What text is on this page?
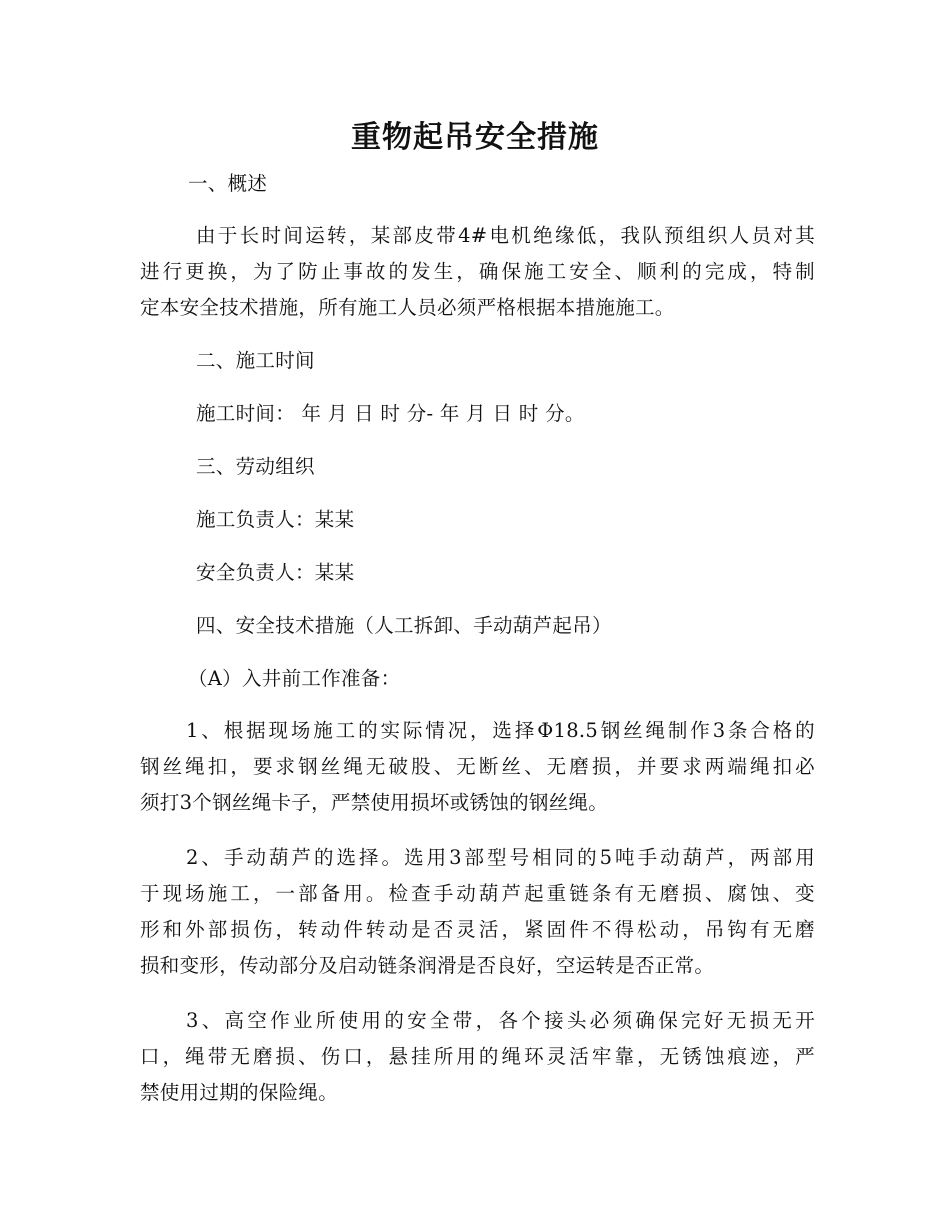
重物起吊安全措施

一、概述

由于长时间运转，某部皮带4#电机绝缘低，我队预组织人员对其

进行更换，为了防止事故的发生，确保施工安全、顺利的完成，特制

定本安全技术措施，所有施工人员必须严格根据本措施施工。

二、施工时间

施工时间： 年 月 日 时 分- 年 月 日 时 分。

三、劳动组织

施工负责人：某某

安全负责人：某某

四、安全技术措施（人工拆卸、手动葫芦起吊）

（A）入井前工作准备：

1、根据现场施工的实际情况，选择Φ18.5钢丝绳制作3条合格的

钢丝绳扣，要求钢丝绳无破股、无断丝、无磨损，并要求两端绳扣必

须打3个钢丝绳卡子，严禁使用损坏或锈蚀的钢丝绳。

2、手动葫芦的选择。选用3部型号相同的5吨手动葫芦，两部用

于现场施工，一部备用。检查手动葫芦起重链条有无磨损、腐蚀、变

形和外部损伤，转动件转动是否灵活，紧固件不得松动，吊钩有无磨

损和变形，传动部分及启动链条润滑是否良好，空运转是否正常。

3、高空作业所使用的安全带，各个接头必须确保完好无损无开

口，绳带无磨损、伤口，悬挂所用的绳环灵活牢靠，无锈蚀痕迹，严

禁使用过期的保险绳。
